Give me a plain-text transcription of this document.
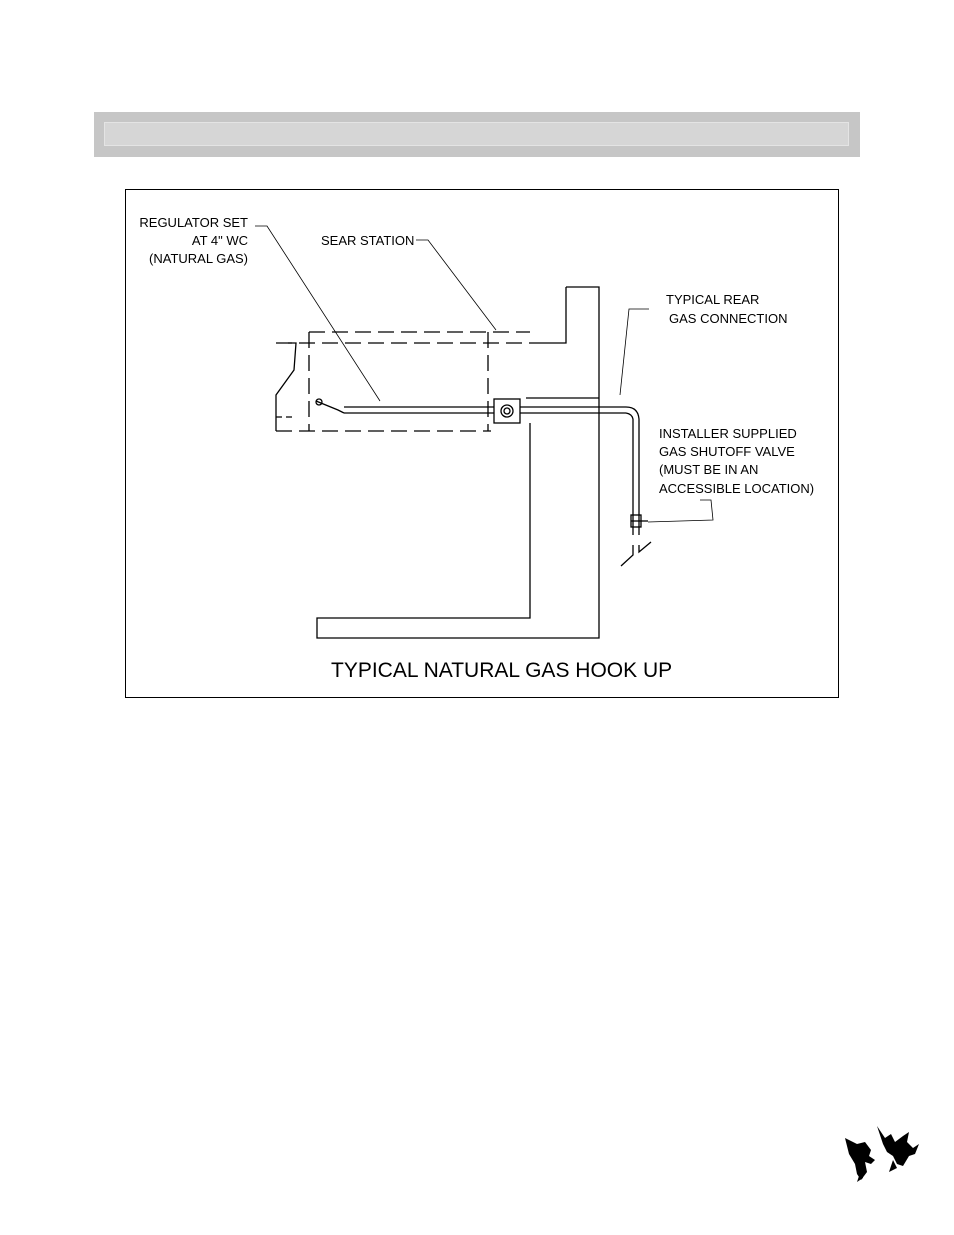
REGULATOR SET
AT 4" WC
(NATURAL GAS)
SEAR STATION
TYPICAL REAR
GAS CONNECTION
INSTALLER SUPPLIED
GAS SHUTOFF VALVE
(MUST BE IN AN
ACCESSIBLE LOCATION)
TYPICAL NATURAL GAS HOOK UP
